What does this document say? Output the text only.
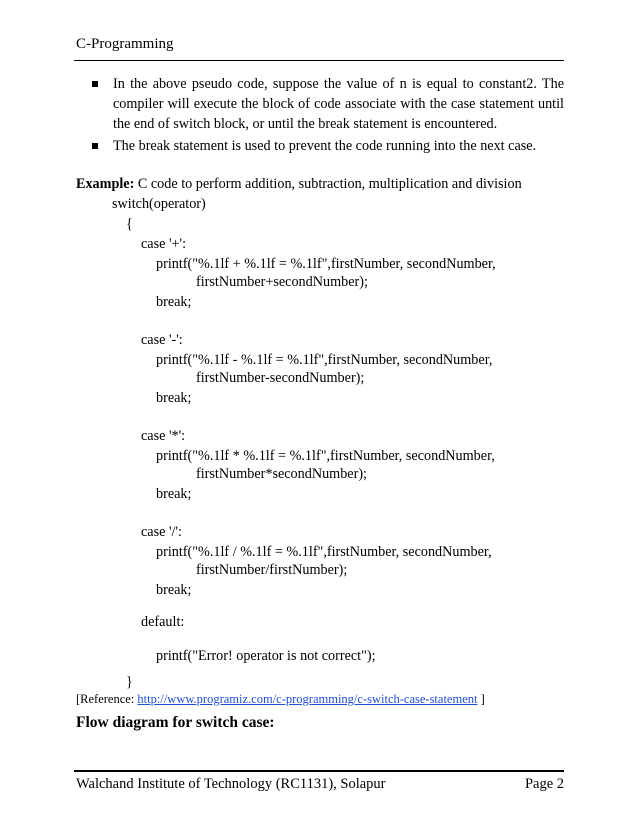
C-Programming
In the above pseudo code, suppose the value of n is equal to constant2. The compiler will execute the block of code associate with the case statement until the end of switch block, or until the break statement is encountered.
The break statement is used to prevent the code running into the next case.
Example: C code to perform addition, subtraction, multiplication and division
switch(operator)
{
case '+':
printf("%.1lf + %.1lf = %.1lf",firstNumber, secondNumber,
firstNumber+secondNumber);
break;
case '-':
printf("%.1lf - %.1lf = %.1lf",firstNumber, secondNumber,
firstNumber-secondNumber);
break;
case '*':
printf("%.1lf * %.1lf = %.1lf",firstNumber, secondNumber,
firstNumber*secondNumber);
break;
case '/':
printf("%.1lf / %.1lf = %.1lf",firstNumber, secondNumber,
firstNumber/firstNumber);
break;
default:
printf("Error! operator is not correct");
}
[Reference: http://www.programiz.com/c-programming/c-switch-case-statement ]
Flow diagram for switch case:
Walchand Institute of Technology (RC1131), Solapur	Page 2
